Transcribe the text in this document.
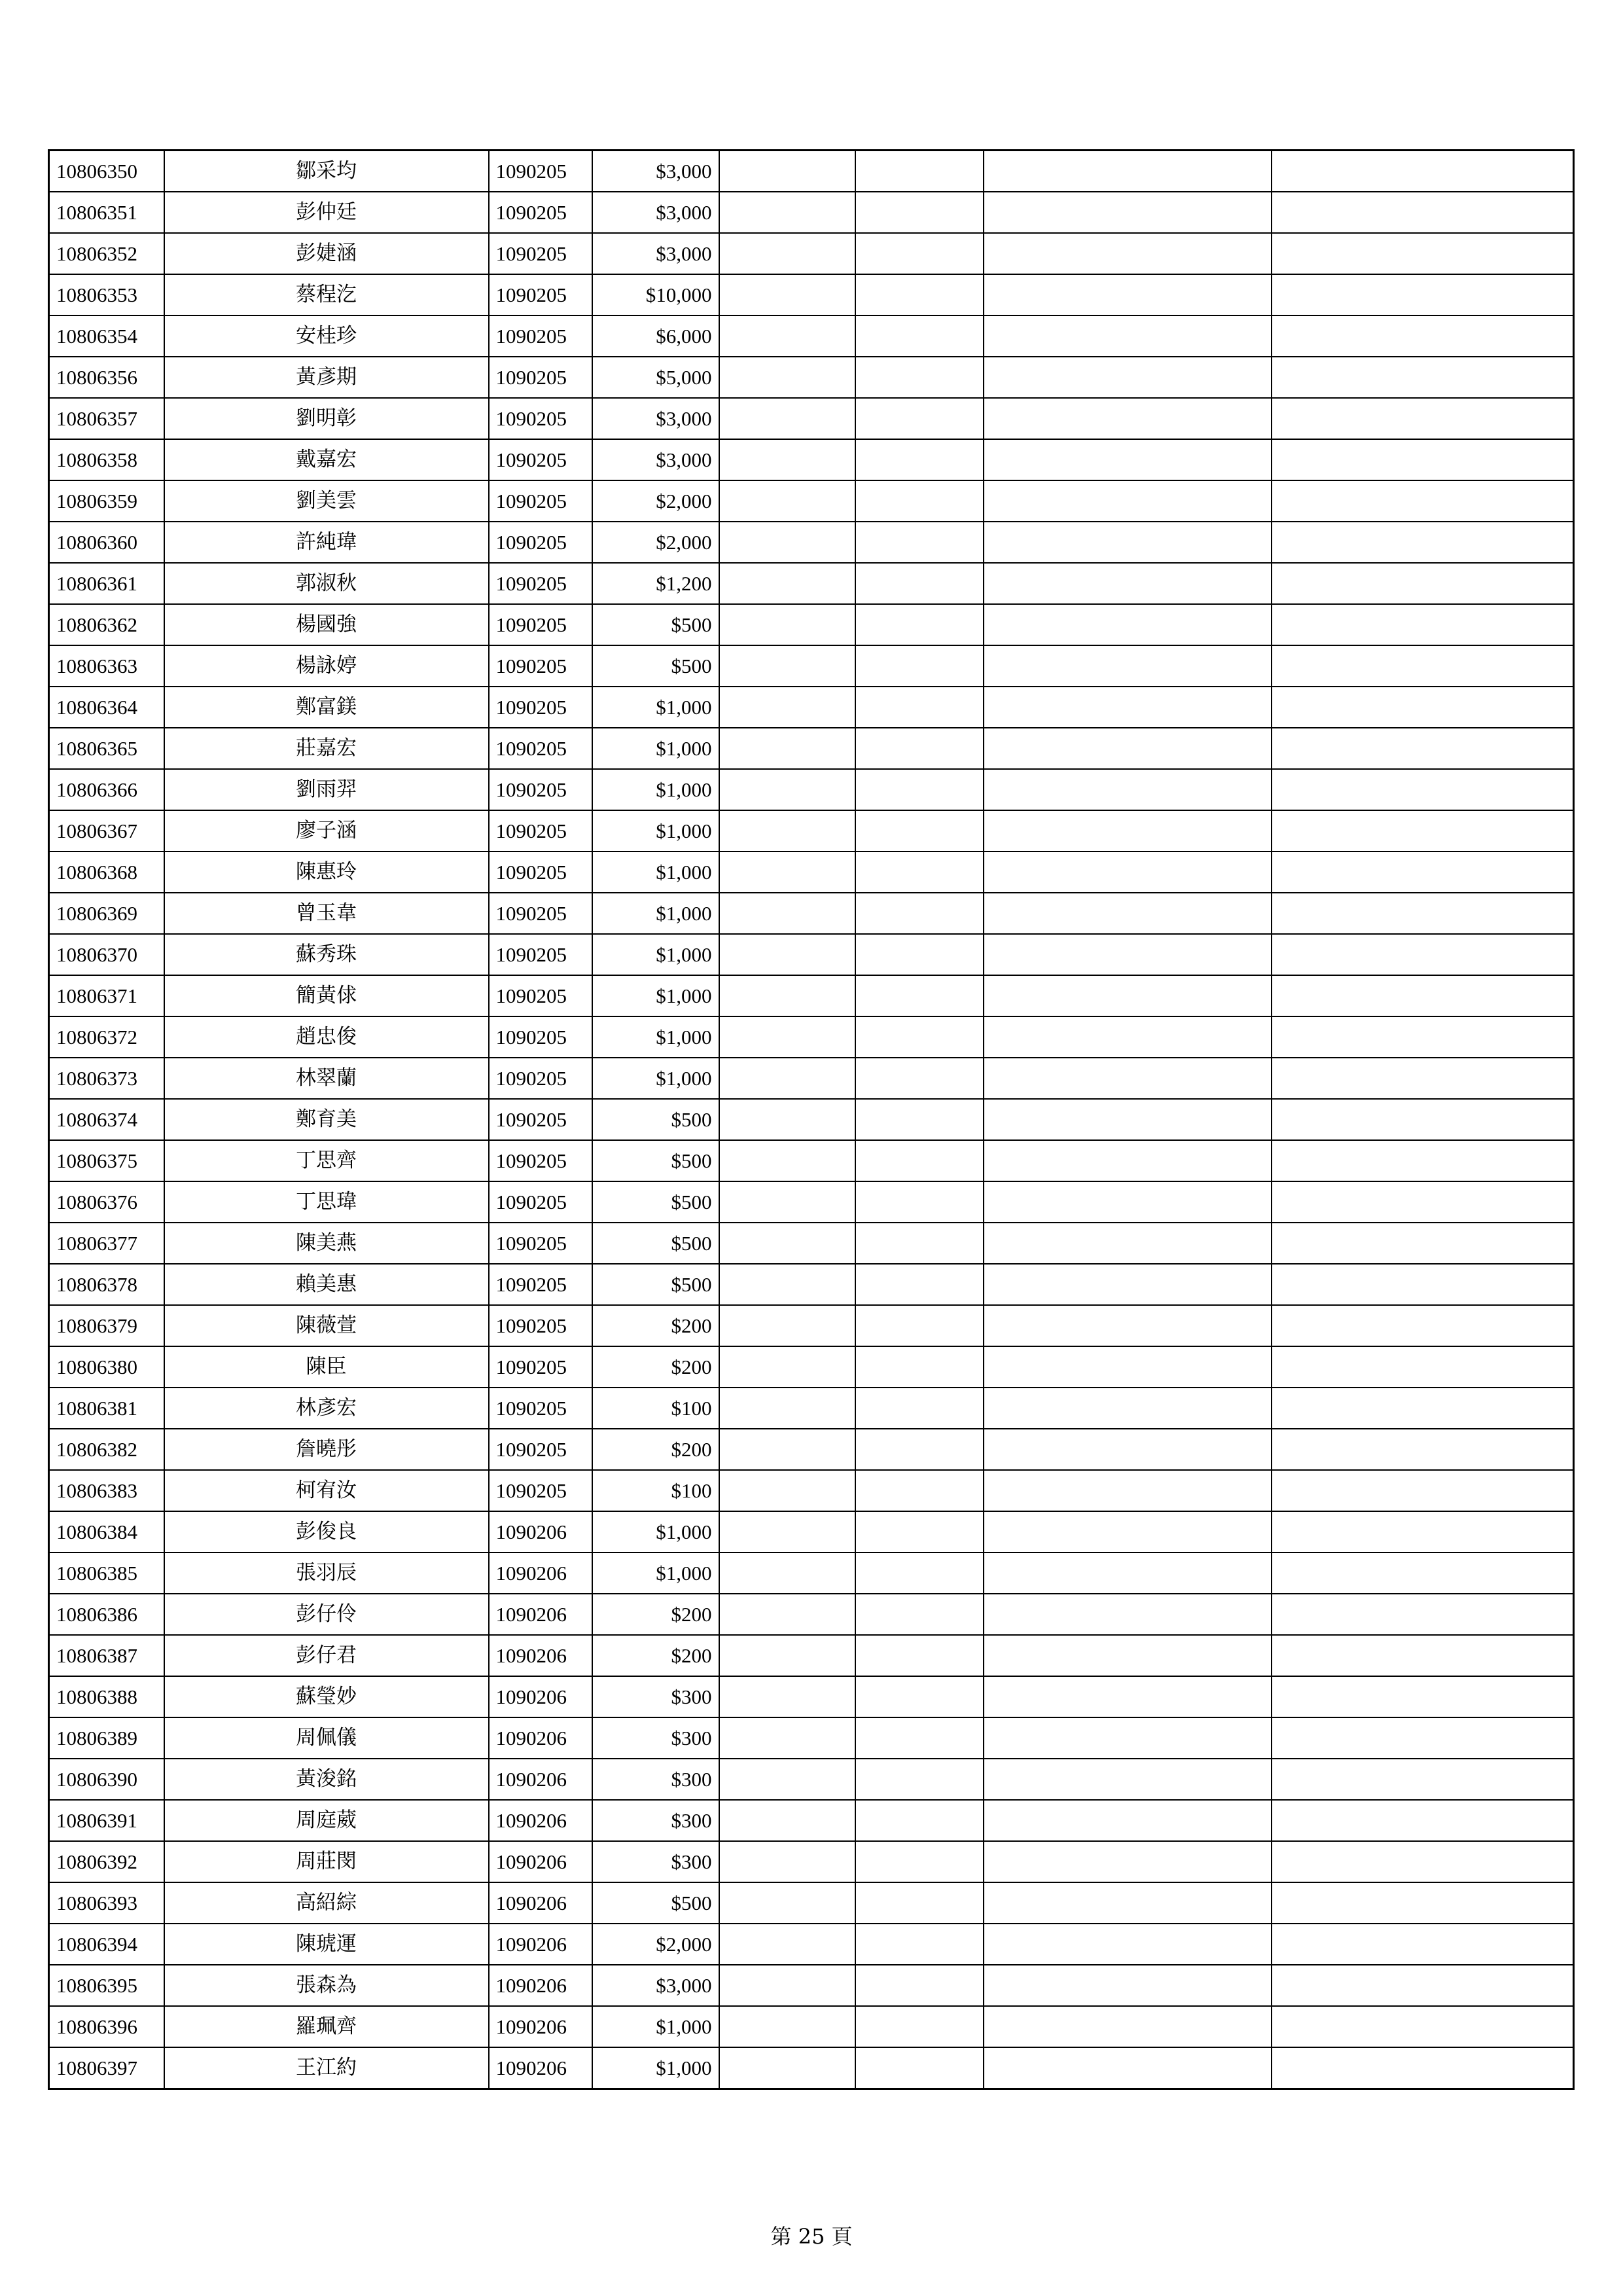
10806350	鄒采均	1090205	$3,000				
10806351	彭仲廷	1090205	$3,000				
10806352	彭婕涵	1090205	$3,000				
10806353	蔡程汔	1090205	$10,000				
10806354	安桂珍	1090205	$6,000				
10806356	黃彥期	1090205	$5,000				
10806357	劉明彰	1090205	$3,000				
10806358	戴嘉宏	1090205	$3,000				
10806359	劉美雲	1090205	$2,000				
10806360	許純瑋	1090205	$2,000				
10806361	郭淑秋	1090205	$1,200				
10806362	楊國強	1090205	$500				
10806363	楊詠婷	1090205	$500				
10806364	鄭富鎂	1090205	$1,000				
10806365	莊嘉宏	1090205	$1,000				
10806366	劉雨羿	1090205	$1,000				
10806367	廖子涵	1090205	$1,000				
10806368	陳惠玲	1090205	$1,000				
10806369	曾玉韋	1090205	$1,000				
10806370	蘇秀珠	1090205	$1,000				
10806371	簡黃俅	1090205	$1,000				
10806372	趙忠俊	1090205	$1,000				
10806373	林翠蘭	1090205	$1,000				
10806374	鄭育美	1090205	$500				
10806375	丁思齊	1090205	$500				
10806376	丁思瑋	1090205	$500				
10806377	陳美燕	1090205	$500				
10806378	賴美惠	1090205	$500				
10806379	陳薇萱	1090205	$200				
10806380	陳臣	1090205	$200				
10806381	林彥宏	1090205	$100				
10806382	詹曉彤	1090205	$200				
10806383	柯宥汝	1090205	$100				
10806384	彭俊良	1090206	$1,000				
10806385	張羽辰	1090206	$1,000				
10806386	彭仔伶	1090206	$200				
10806387	彭仔君	1090206	$200				
10806388	蘇瑩妙	1090206	$300				
10806389	周佩儀	1090206	$300				
10806390	黃浚銘	1090206	$300				
10806391	周庭葳	1090206	$300				
10806392	周莊閔	1090206	$300				
10806393	高紹綜	1090206	$500				
10806394	陳琥運	1090206	$2,000				
10806395	張森為	1090206	$3,000				
10806396	羅珮齊	1090206	$1,000				
10806397	王江約	1090206	$1,000				
第 25 頁
